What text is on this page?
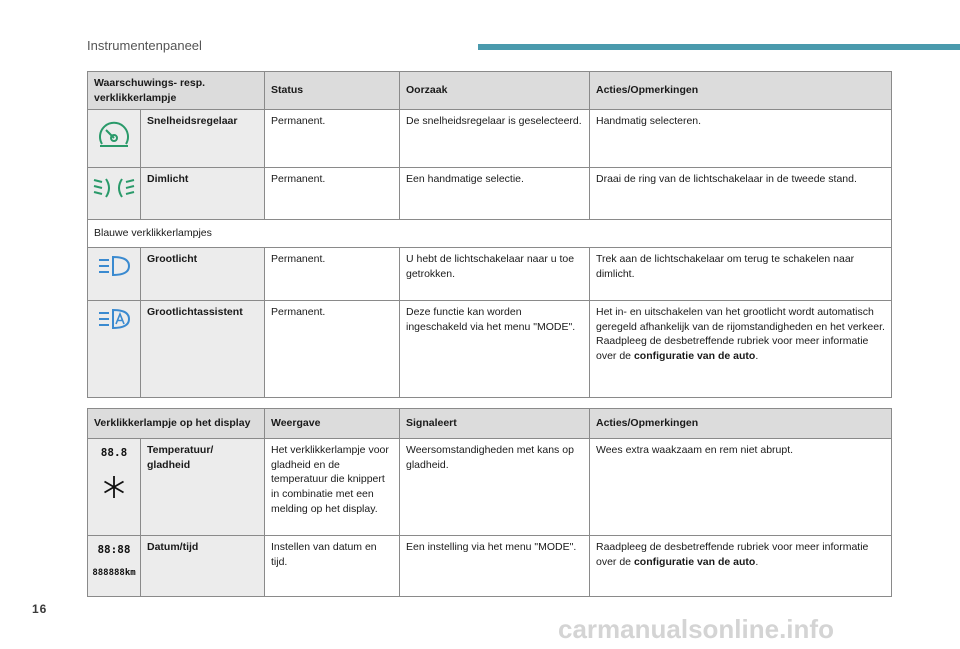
Instrumentenpaneel
Waarschuwings- resp. verklikkerlampje		Status	Oorzaak	Acties/Opmerkingen

	Snelheidsregelaar	Permanent.	De snelheidsregelaar is geselecteerd.	Handmatig selecteren.

	Dimlicht	Permanent.	Een handmatige selectie.	Draai de ring van de lichtschakelaar in de tweede stand.
Blauwe verklikkerlampjes				

	Grootlicht	Permanent.	U hebt de lichtschakelaar naar u toe getrokken.	Trek aan de lichtschakelaar om terug te schakelen naar dimlicht.

	Grootlichtassistent	Permanent.	Deze functie kan worden ingeschakeld via het menu "MODE".	Het in- en uitschakelen van het grootlicht wordt automatisch geregeld afhankelijk van de rijomstandigheden en het verkeer.
Raadpleeg de desbetreffende rubriek voor meer informatie over de configuratie van de auto.
Verklikkerlampje op het display		Weergave	Signaleert	Acties/Opmerkingen

88.8	Temperatuur/ gladheid	Het verklikkerlampje voor gladheid en de temperatuur die knippert in combinatie met een melding op het display.	Weersomstandigheden met kans op gladheid.	Wees extra waakzaam en rem niet abrupt.

88:88
888888km	Datum/tijd	Instellen van datum en tijd.	Een instelling via het menu "MODE".	Raadpleeg de desbetreffende rubriek voor meer informatie over de configuratie van de auto.
16
carmanualsonline.info
